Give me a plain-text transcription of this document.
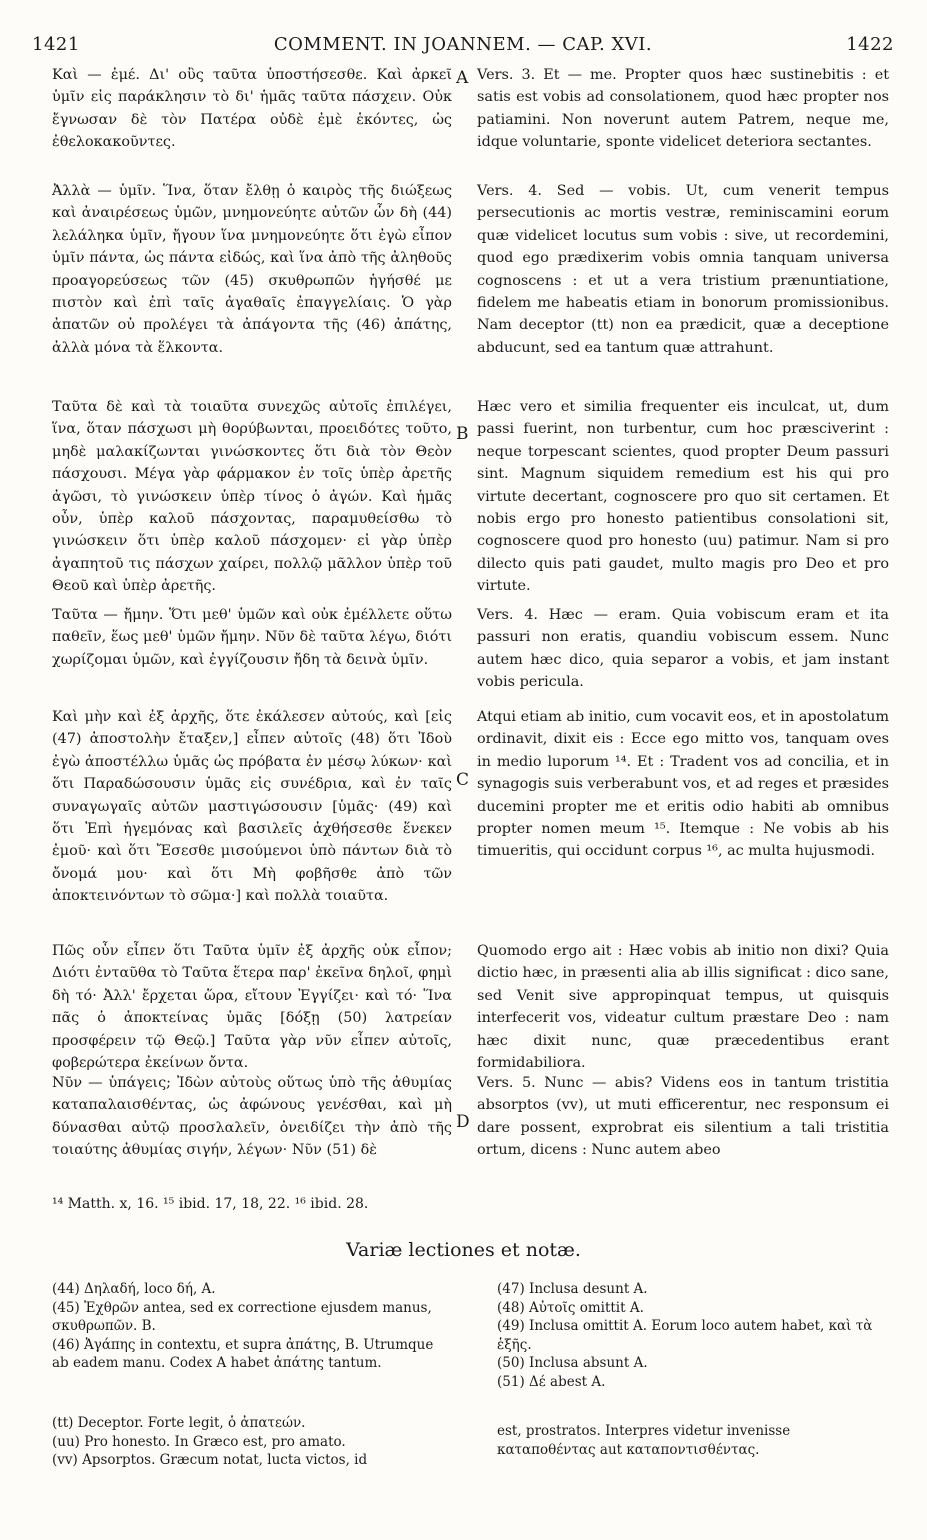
1421	COMMENT. IN JOANNEM. — CAP. XVI.	1422

Καὶ — ἐμέ. Δι' οὓς ταῦτα ὑποστήσεσθε. Καὶ ἀρκεῖ ὑμῖν εἰς παράκλησιν τὸ δι' ἡμᾶς ταῦτα πάσχειν. Οὐκ ἔγνωσαν δὲ τὸν Πατέρα οὐδὲ ἐμὲ ἑκόντες, ὡς ἐθελοκακοῦντες.

Ἀλλὰ — ὑμῖν. Ἵνα, ὅταν ἔλθῃ ὁ καιρὸς τῆς διώξεως καὶ ἀναιρέσεως ὑμῶν, μνημονεύητε αὐτῶν ὧν δὴ (44) λελάληκα ὑμῖν, ἤγουν ἵνα μνημονεύητε ὅτι ἐγὼ εἶπον ὑμῖν πάντα, ὡς πάντα εἰδώς, καὶ ἵνα ἀπὸ τῆς ἀληθοῦς προαγορεύσεως τῶν (45) σκυθρωπῶν ἡγήσθέ με πιστὸν καὶ ἐπὶ ταῖς ἀγαθαῖς ἐπαγγελίαις. Ὁ γὰρ ἀπατῶν οὐ προλέγει τὰ ἀπάγοντα τῆς (46) ἀπάτης, ἀλλὰ μόνα τὰ ἕλκοντα.

Ταῦτα δὲ καὶ τὰ τοιαῦτα συνεχῶς αὐτοῖς ἐπιλέγει, ἵνα, ὅταν πάσχωσι μὴ θορύβωνται, προειδότες τοῦτο, μηδὲ μαλακίζωνται γινώσκοντες ὅτι διὰ τὸν Θεὸν πάσχουσι. Μέγα γὰρ φάρμακον ἐν τοῖς ὑπὲρ ἀρετῆς ἀγῶσι, τὸ γινώσκειν ὑπὲρ τίνος ὁ ἀγών. Καὶ ἡμᾶς οὖν, ὑπὲρ καλοῦ πάσχοντας, παραμυθείσθω τὸ γινώσκειν ὅτι ὑπὲρ καλοῦ πάσχομεν· εἰ γὰρ ὑπὲρ ἀγαπητοῦ τις πάσχων χαίρει, πολλῷ μᾶλλον ὑπὲρ τοῦ Θεοῦ καὶ ὑπὲρ ἀρετῆς.

Ταῦτα — ἤμην. Ὅτι μεθ' ὑμῶν καὶ οὐκ ἐμέλλετε οὕτω παθεῖν, ἕως μεθ' ὑμῶν ἤμην. Νῦν δὲ ταῦτα λέγω, διότι χωρίζομαι ὑμῶν, καὶ ἐγγίζουσιν ἤδη τὰ δεινὰ ὑμῖν.

Καὶ μὴν καὶ ἐξ ἀρχῆς, ὅτε ἐκάλεσεν αὐτούς, καὶ [εἰς (47) ἀποστολὴν ἔταξεν,] εἶπεν αὐτοῖς (48) ὅτι Ἰδοὺ ἐγὼ ἀποστέλλω ὑμᾶς ὡς πρόβατα ἐν μέσῳ λύκων· καὶ ὅτι Παραδώσουσιν ὑμᾶς εἰς συνέδρια, καὶ ἐν ταῖς συναγωγαῖς αὐτῶν μαστιγώσουσιν [ὑμᾶς· (49) καὶ ὅτι Ἐπὶ ἡγεμόνας καὶ βασιλεῖς ἀχθήσεσθε ἕνεκεν ἐμοῦ· καὶ ὅτι Ἔσεσθε μισούμενοι ὑπὸ πάντων διὰ τὸ ὄνομά μου· καὶ ὅτι Μὴ φοβῆσθε ἀπὸ τῶν ἀποκτεινόντων τὸ σῶμα·] καὶ πολλὰ τοιαῦτα.

Πῶς οὖν εἶπεν ὅτι Ταῦτα ὑμῖν ἐξ ἀρχῆς οὐκ εἶπον; Διότι ἐνταῦθα τὸ Ταῦτα ἕτερα παρ' ἐκεῖνα δηλοῖ, φημὶ δὴ τό· Ἀλλ' ἔρχεται ὥρα, εἴτουν Ἐγγίζει· καὶ τό· Ἵνα πᾶς ὁ ἀποκτείνας ὑμᾶς [δόξῃ (50) λατρείαν προσφέρειν τῷ Θεῷ.] Ταῦτα γὰρ νῦν εἶπεν αὐτοῖς, φοβερώτερα ἐκείνων ὄντα.

Νῦν — ὑπάγεις; Ἰδὼν αὐτοὺς οὕτως ὑπὸ τῆς ἀθυμίας καταπαλαισθέντας, ὡς ἀφώνους γενέσθαι, καὶ μὴ δύνασθαι αὐτῷ προσλαλεῖν, ὀνειδίζει τὴν ἀπὸ τῆς τοιαύτης ἀθυμίας σιγήν, λέγων· Νῦν (51) δὲ

A
B
C
D

Vers. 3. Et — me. Propter quos hæc sustinebitis : et satis est vobis ad consolationem, quod hæc propter nos patiamini. Non noverunt autem Patrem, neque me, idque voluntarie, sponte videlicet deteriora sectantes.

Vers. 4. Sed — vobis. Ut, cum venerit tempus persecutionis ac mortis vestræ, reminiscamini eorum quæ videlicet locutus sum vobis : sive, ut recordemini, quod ego prædixerim vobis omnia tanquam universa cognoscens : et ut a vera tristium prænuntiatione, fidelem me habeatis etiam in bonorum promissionibus. Nam deceptor (tt) non ea prædicit, quæ a deceptione abducunt, sed ea tantum quæ attrahunt.

Hæc vero et similia frequenter eis inculcat, ut, dum passi fuerint, non turbentur, cum hoc præsciverint : neque torpescant scientes, quod propter Deum passuri sint. Magnum siquidem remedium est his qui pro virtute decertant, cognoscere pro quo sit certamen. Et nobis ergo pro honesto patientibus consolationi sit, cognoscere quod pro honesto (uu) patimur. Nam si pro dilecto quis pati gaudet, multo magis pro Deo et pro virtute.

Vers. 4. Hæc — eram. Quia vobiscum eram et ita passuri non eratis, quandiu vobiscum essem. Nunc autem hæc dico, quia separor a vobis, et jam instant vobis pericula.

Atqui etiam ab initio, cum vocavit eos, et in apostolatum ordinavit, dixit eis : Ecce ego mitto vos, tanquam oves in medio luporum ¹⁴. Et : Tradent vos ad concilia, et in synagogis suis verberabunt vos, et ad reges et præsides ducemini propter me et eritis odio habiti ab omnibus propter nomen meum ¹⁵. Itemque : Ne vobis ab his timueritis, qui occidunt corpus ¹⁶, ac multa hujusmodi.

Quomodo ergo ait : Hæc vobis ab initio non dixi? Quia dictio hæc, in præsenti alia ab illis significat : dico sane, sed Venit sive appropinquat tempus, ut quisquis interfecerit vos, videatur cultum præstare Deo : nam hæc dixit nunc, quæ præcedentibus erant formidabiliora.

Vers. 5. Nunc — abis? Videns eos in tantum tristitia absorptos (vv), ut muti efficerentur, nec responsum ei dare possent, exprobrat eis silentium a tali tristitia ortum, dicens : Nunc autem abeo

¹⁴ Matth. x, 16. ¹⁵ ibid. 17, 18, 22. ¹⁶ ibid. 28.
Variæ lectiones et notæ.

(44) Δηλαδή, loco δή, A.

(45) Ἐχθρῶν antea, sed ex correctione ejusdem manus, σκυθρωπῶν. B.

(46) Ἀγάπης in contextu, et supra ἀπάτης, B. Utrumque ab eadem manu. Codex A habet ἀπάτης tantum.

(47) Inclusa desunt A.

(48) Αὐτοῖς omittit A.

(49) Inclusa omittit A. Eorum loco autem habet, καὶ τὰ ἑξῆς.

(50) Inclusa absunt A.

(51) Δέ abest A.

(tt) Deceptor. Forte legit, ὁ ἀπατεών.

(uu) Pro honesto. In Græco est, pro amato.

(vv) Apsorptos. Græcum notat, lucta victos, id

est, prostratos. Interpres videtur invenisse καταποθέντας aut καταποντισθέντας.
